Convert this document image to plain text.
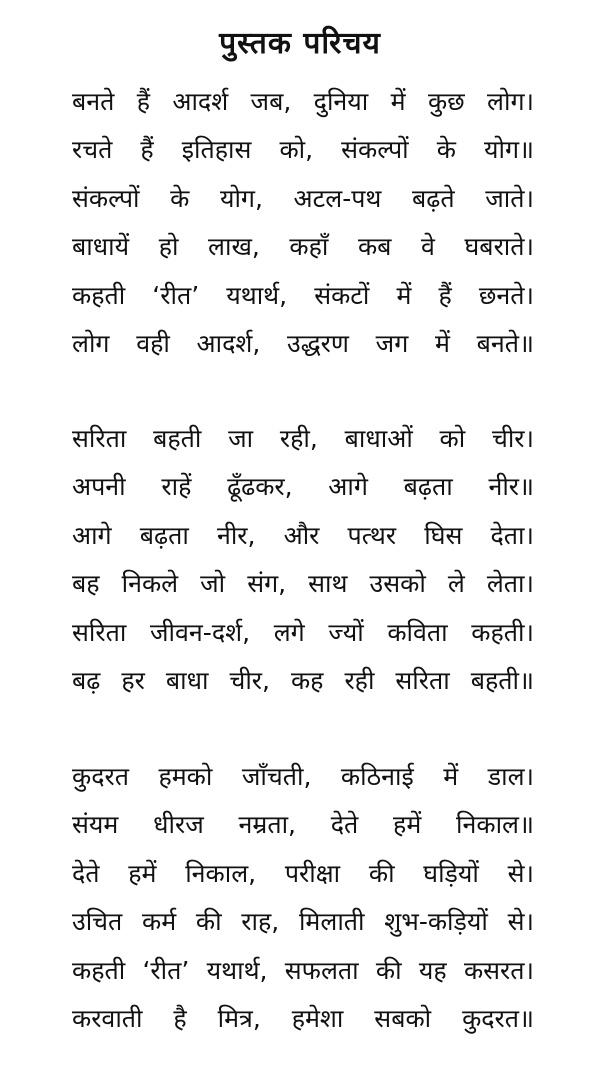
पुस्तक परिचय
बनते हैं आदर्श जब, दुनिया में कुछ लोग।
रचते हैं इतिहास को, संकल्पों के योग॥
संकल्पों के योग, अटल-पथ बढ़ते जाते।
बाधायें हो लाख, कहाँ कब वे घबराते।
कहती ‘रीत’ यथार्थ, संकटों में हैं छनते।
लोग वही आदर्श, उद्धरण जग में बनते॥
सरिता बहती जा रही, बाधाओं को चीर।
अपनी राहें ढूँढकर, आगे बढ़ता नीर॥
आगे बढ़ता नीर, और पत्थर घिस देता।
बह निकले जो संग, साथ उसको ले लेता।
सरिता जीवन-दर्श, लगे ज्यों कविता कहती।
बढ़ हर बाधा चीर, कह रही सरिता बहती॥
कुदरत हमको जाँचती, कठिनाई में डाल।
संयम धीरज नम्रता, देते हमें निकाल॥
देते हमें निकाल, परीक्षा की घड़ियों से।
उचित कर्म की राह, मिलाती शुभ-कड़ियों से।
कहती ‘रीत’ यथार्थ, सफलता की यह कसरत।
करवाती है मित्र, हमेशा सबको कुदरत॥
